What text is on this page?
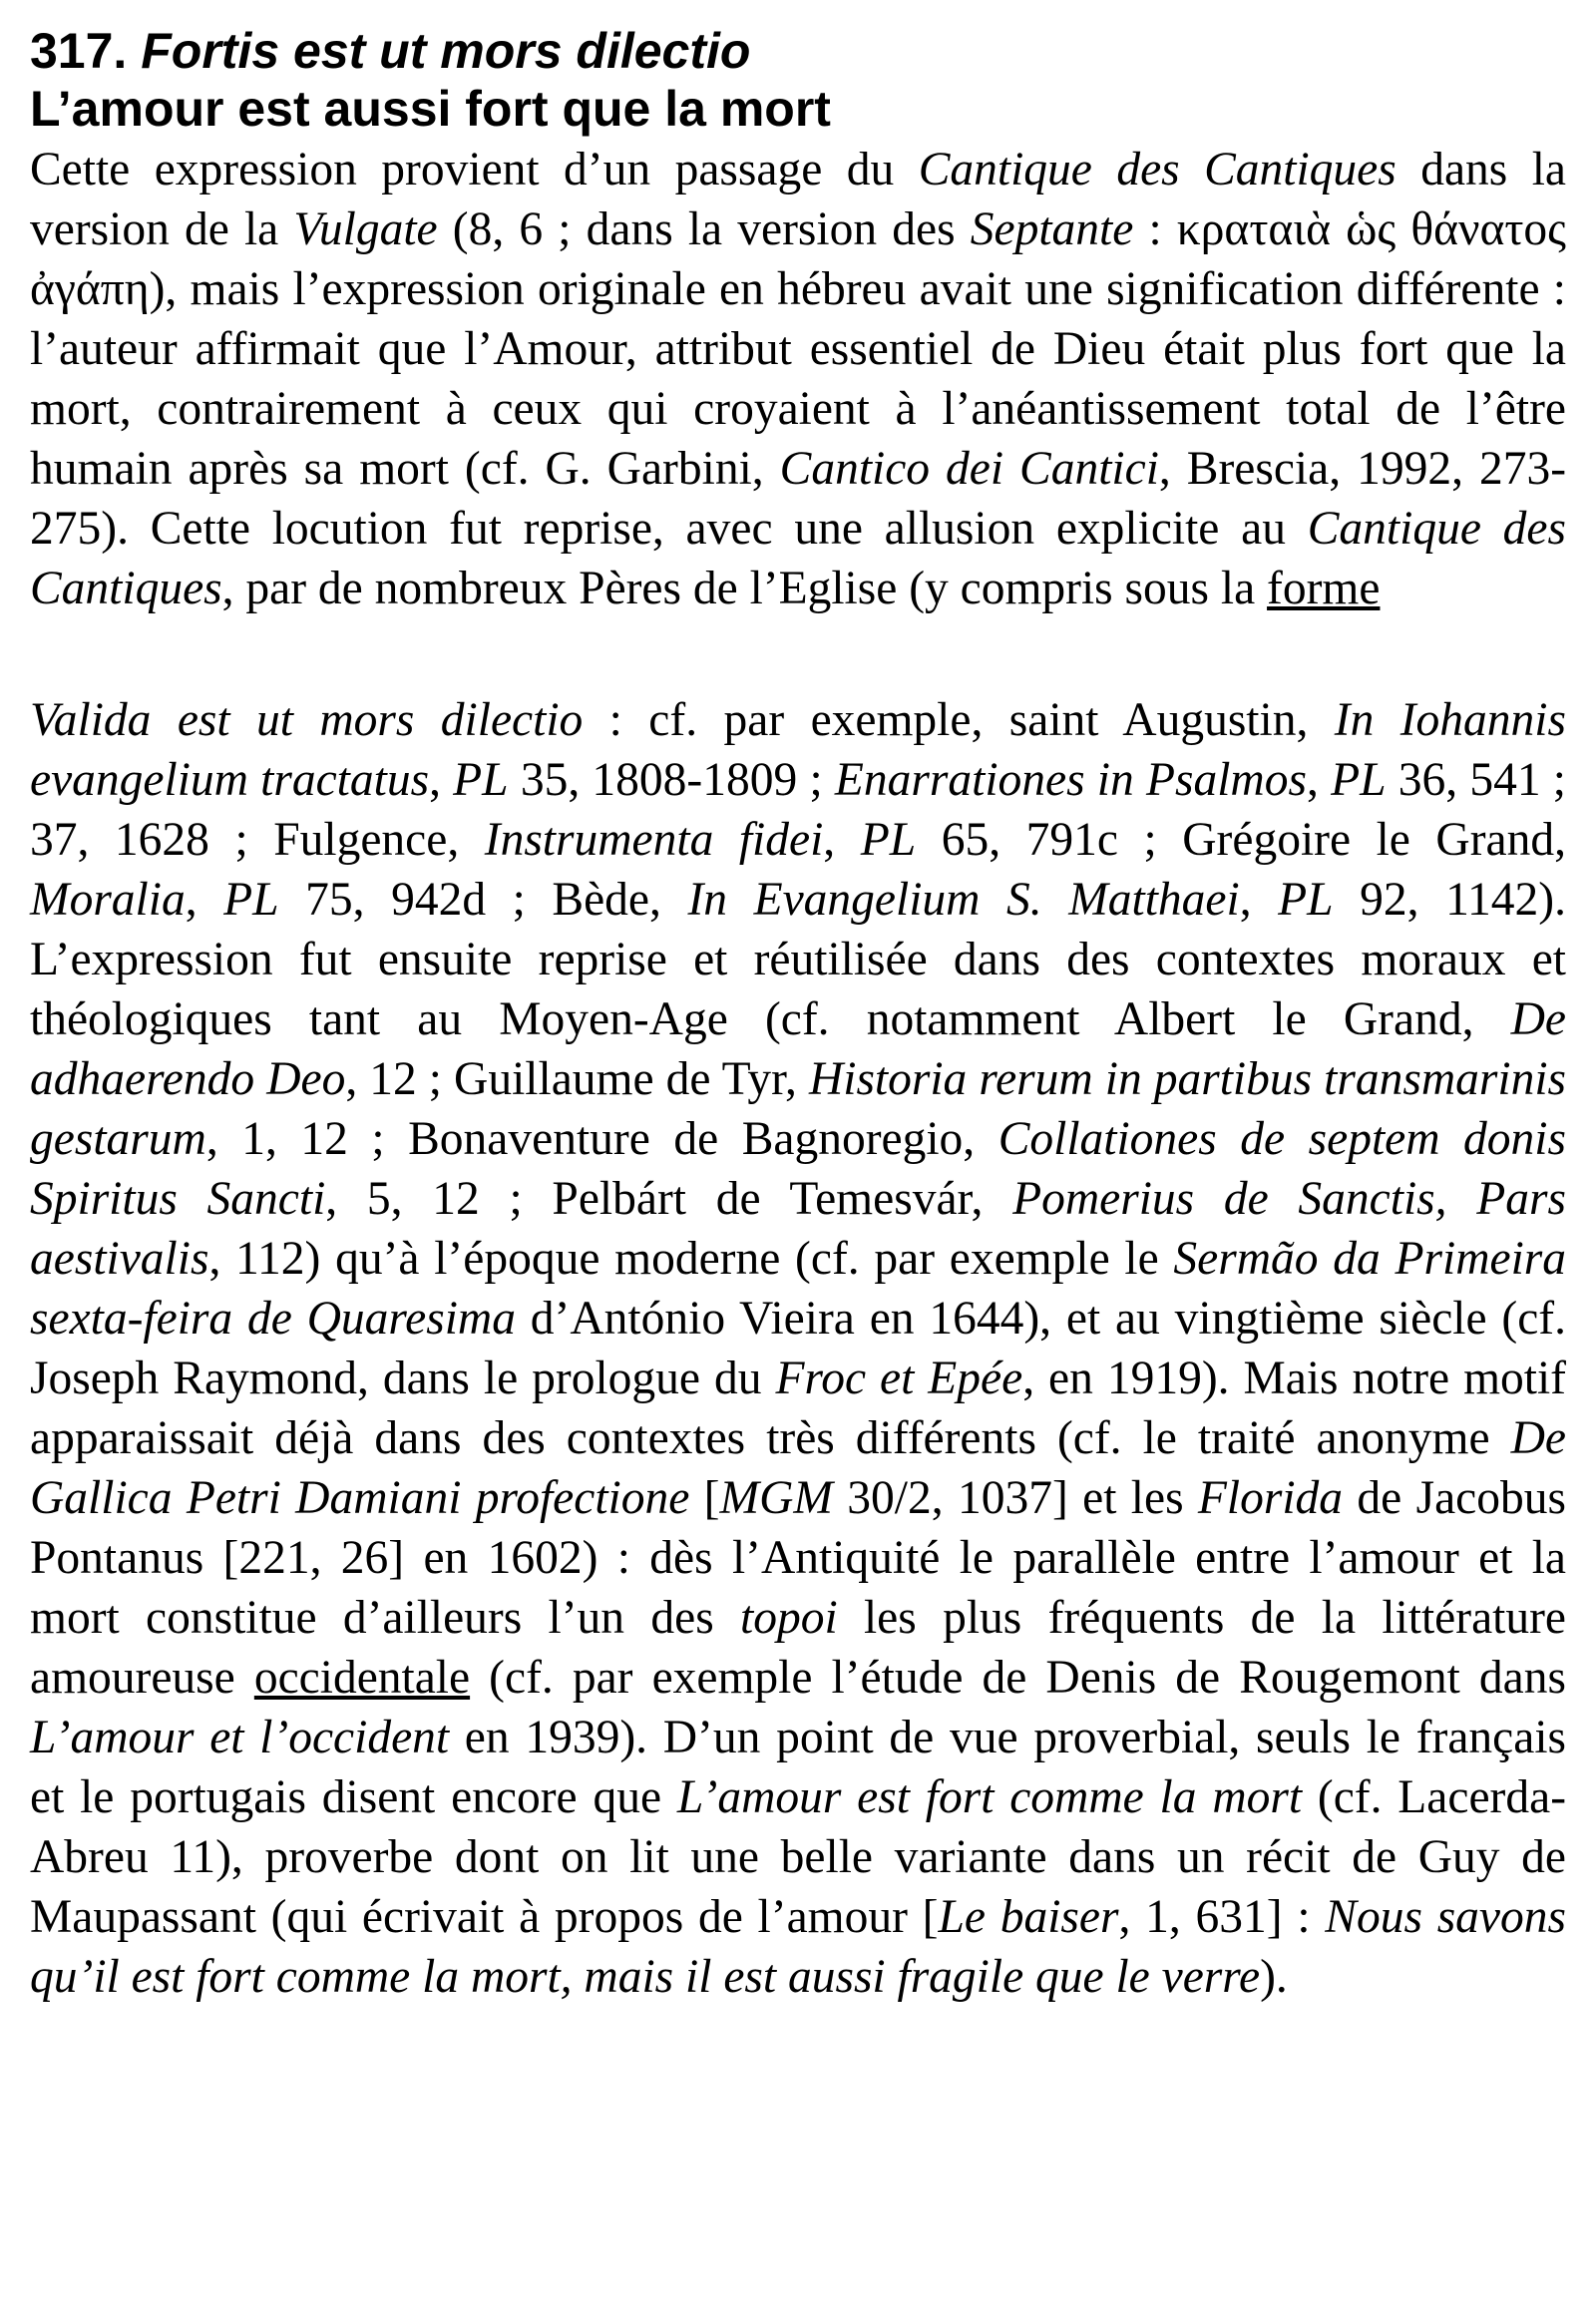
317. Fortis est ut mors dilectio

L’amour est aussi fort que la mort

Cette expression provient d’un passage du Cantique des Cantiques dans la version de la Vulgate (8, 6 ; dans la version des Septante : κραταιὰ ὡς θάνατος ἀγάπη), mais l’expression originale en hébreu avait une signification différente : l’auteur affirmait que l’Amour, attribut essentiel de Dieu était plus fort que la mort, contrairement à ceux qui croyaient à l’anéantissement total de l’être humain après sa mort (cf. G. Garbini, Cantico dei Cantici, Brescia, 1992, 273-275). Cette locution fut reprise, avec une allusion explicite au Cantique des Cantiques, par de nombreux Pères de l’Eglise (y compris sous la forme

Valida est ut mors dilectio : cf. par exemple, saint Augustin, In Iohannis evangelium tractatus, PL 35, 1808-1809 ; Enarrationes in Psalmos, PL 36, 541 ; 37, 1628 ; Fulgence, Instrumenta fidei, PL 65, 791c ; Grégoire le Grand, Moralia, PL 75, 942d ; Bède, In Evangelium S. Matthaei, PL 92, 1142). L’expression fut ensuite reprise et réutilisée dans des contextes moraux et théologiques tant au Moyen-Age (cf. notamment Albert le Grand, De adhaerendo Deo, 12 ; Guillaume de Tyr, Historia rerum in partibus transmarinis gestarum, 1, 12 ; Bonaventure de Bagnoregio, Collationes de septem donis Spiritus Sancti, 5, 12 ; Pelbárt de Temesvár, Pomerius de Sanctis, Pars aestivalis, 112) qu’à l’époque moderne (cf. par exemple le Sermão da Primeira sexta-feira de Quaresima d’António Vieira en 1644), et au vingtième siècle (cf. Joseph Raymond, dans le prologue du Froc et Epée, en 1919). Mais notre motif apparaissait déjà dans des contextes très différents (cf. le traité anonyme De Gallica Petri Damiani profectione [MGM 30/2, 1037] et les Florida de Jacobus Pontanus [221, 26] en 1602) : dès l’Antiquité le parallèle entre l’amour et la mort constitue d’ailleurs l’un des topoi les plus fréquents de la littérature amoureuse occidentale (cf. par exemple l’étude de Denis de Rougemont dans L’amour et l’occident en 1939). D’un point de vue proverbial, seuls le français et le portugais disent encore que L’amour est fort comme la mort (cf. Lacerda-Abreu 11), proverbe dont on lit une belle variante dans un récit de Guy de Maupassant (qui écrivait à propos de l’amour [Le baiser, 1, 631] : Nous savons qu’il est fort comme la mort, mais il est aussi fragile que le verre).
